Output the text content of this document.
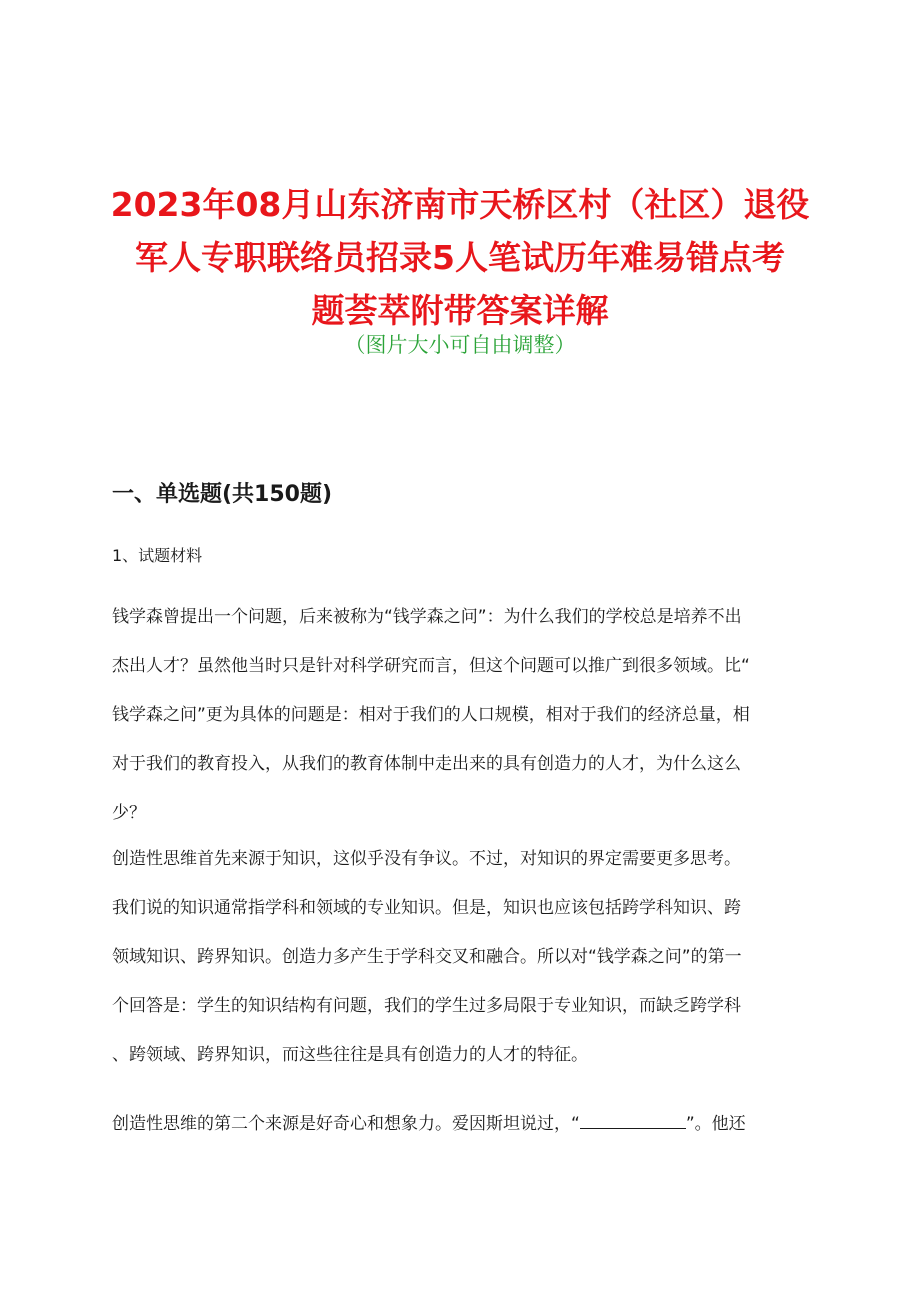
2023年08月山东济南市天桥区村（社区）退役
军人专职联络员招录5人笔试历年难易错点考
题荟萃附带答案详解
（图片大小可自由调整）
一、单选题(共150题)
1、试题材料
钱学森曾提出一个问题，后来被称为“钱学森之问”：为什么我们的学校总是培养不出
杰出人才？虽然他当时只是针对科学研究而言，但这个问题可以推广到很多领域。比“
钱学森之问”更为具体的问题是：相对于我们的人口规模，相对于我们的经济总量，相
对于我们的教育投入，从我们的教育体制中走出来的具有创造力的人才，为什么这么
少？
创造性思维首先来源于知识，这似乎没有争议。不过，对知识的界定需要更多思考。
我们说的知识通常指学科和领域的专业知识。但是，知识也应该包括跨学科知识、跨
领域知识、跨界知识。创造力多产生于学科交叉和融合。所以对“钱学森之问”的第一
个回答是：学生的知识结构有问题，我们的学生过多局限于专业知识，而缺乏跨学科
、跨领域、跨界知识，而这些往往是具有创造力的人才的特征。
创造性思维的第二个来源是好奇心和想象力。爱因斯坦说过，“	”。他还
